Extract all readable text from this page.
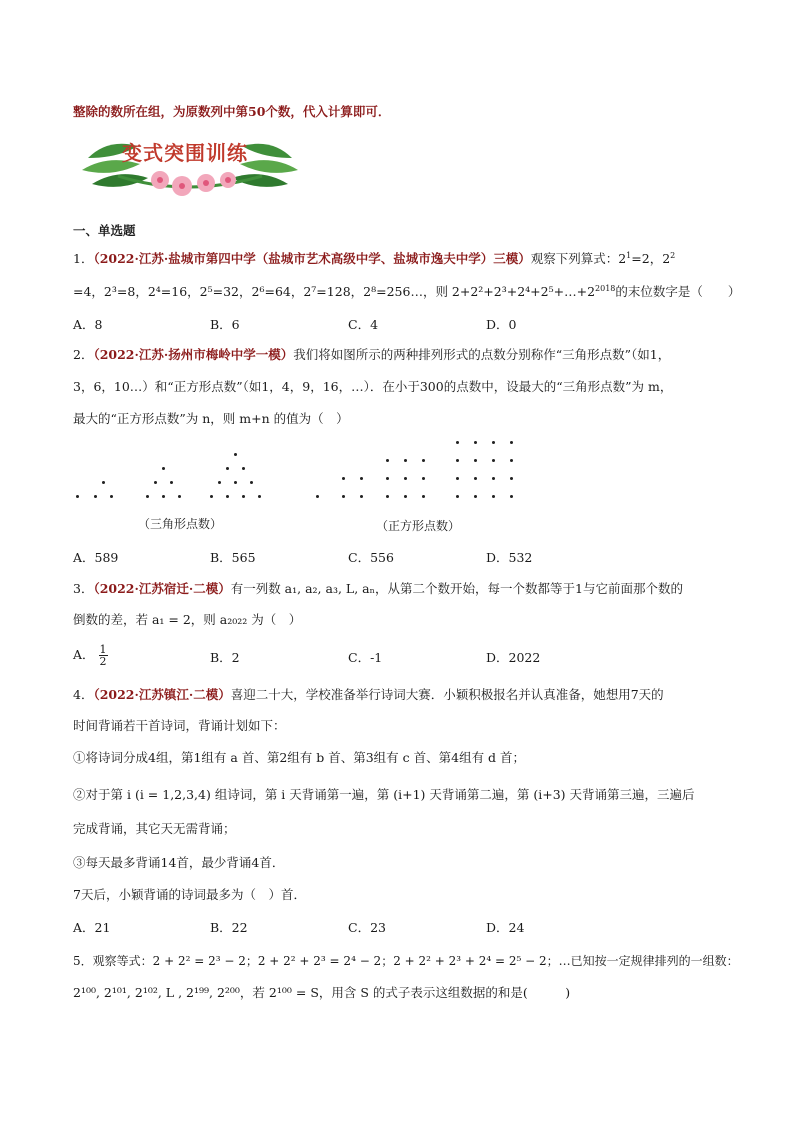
整除的数所在组，为原数列中第50个数，代入计算即可．
变式突围训练
一、单选题
1．（2022·江苏·盐城市第四中学（盐城市艺术高级中学、盐城市逸夫中学）三模）观察下列算式：$2^1=2$，$2^2$
=4，2³=8，2⁴=16，2⁵=32，2⁶=64，2⁷=128，2⁸=256…，则 $2+2^2+2^3+2^4+2^5+\dots+2^{2018}$的末位数字是（　　）
A．8	B．6	C．4	D．0
2．（2022·江苏·扬州市梅岭中学一模）我们将如图所示的两种排列形式的点数分别称作“三角形点数”（如1，
3，6，10…）和“正方形点数”（如1，4，9，16，…）．在小于300的点数中，设最大的“三角形点数”为 m，
最大的“正方形点数”为 n，则 m+n 的值为（　）
（三角形点数）	（正方形点数）
A．589	B．565	C．556	D．532
3．（2022·江苏宿迁·二模）有一列数 a₁, a₂, a₃, L, aₙ，从第二个数开始，每一个数都等于1与它前面那个数的
倒数的差，若 a₁ = 2，则 a₂₀₂₂ 为（　）
A． $\frac{1}{2}$	B．2	C．-1	D．2022
4．（2022·江苏镇江·二模）喜迎二十大，学校准备举行诗词大赛．小颖积极报名并认真准备，她想用7天的
时间背诵若干首诗词，背诵计划如下：
①将诗词分成4组，第1组有 a 首、第2组有 b 首、第3组有 c 首、第4组有 d 首；
②对于第 i (i = 1,2,3,4) 组诗词，第 i 天背诵第一遍，第 (i+1) 天背诵第二遍，第 (i+3) 天背诵第三遍，三遍后
完成背诵，其它天无需背诵；
③每天最多背诵14首，最少背诵4首．
7天后，小颖背诵的诗词最多为（　）首．
A．21	B．22	C．23	D．24
5．观察等式：2 + 2² = 2³ − 2；2 + 2² + 2³ = 2⁴ − 2；2 + 2² + 2³ + 2⁴ = 2⁵ − 2；…已知按一定规律排列的一组数：
2¹⁰⁰, 2¹⁰¹, 2¹⁰², L , 2¹⁹⁹, 2²⁰⁰，若 2¹⁰⁰ = S，用含 S 的式子表示这组数据的和是(　　　)
